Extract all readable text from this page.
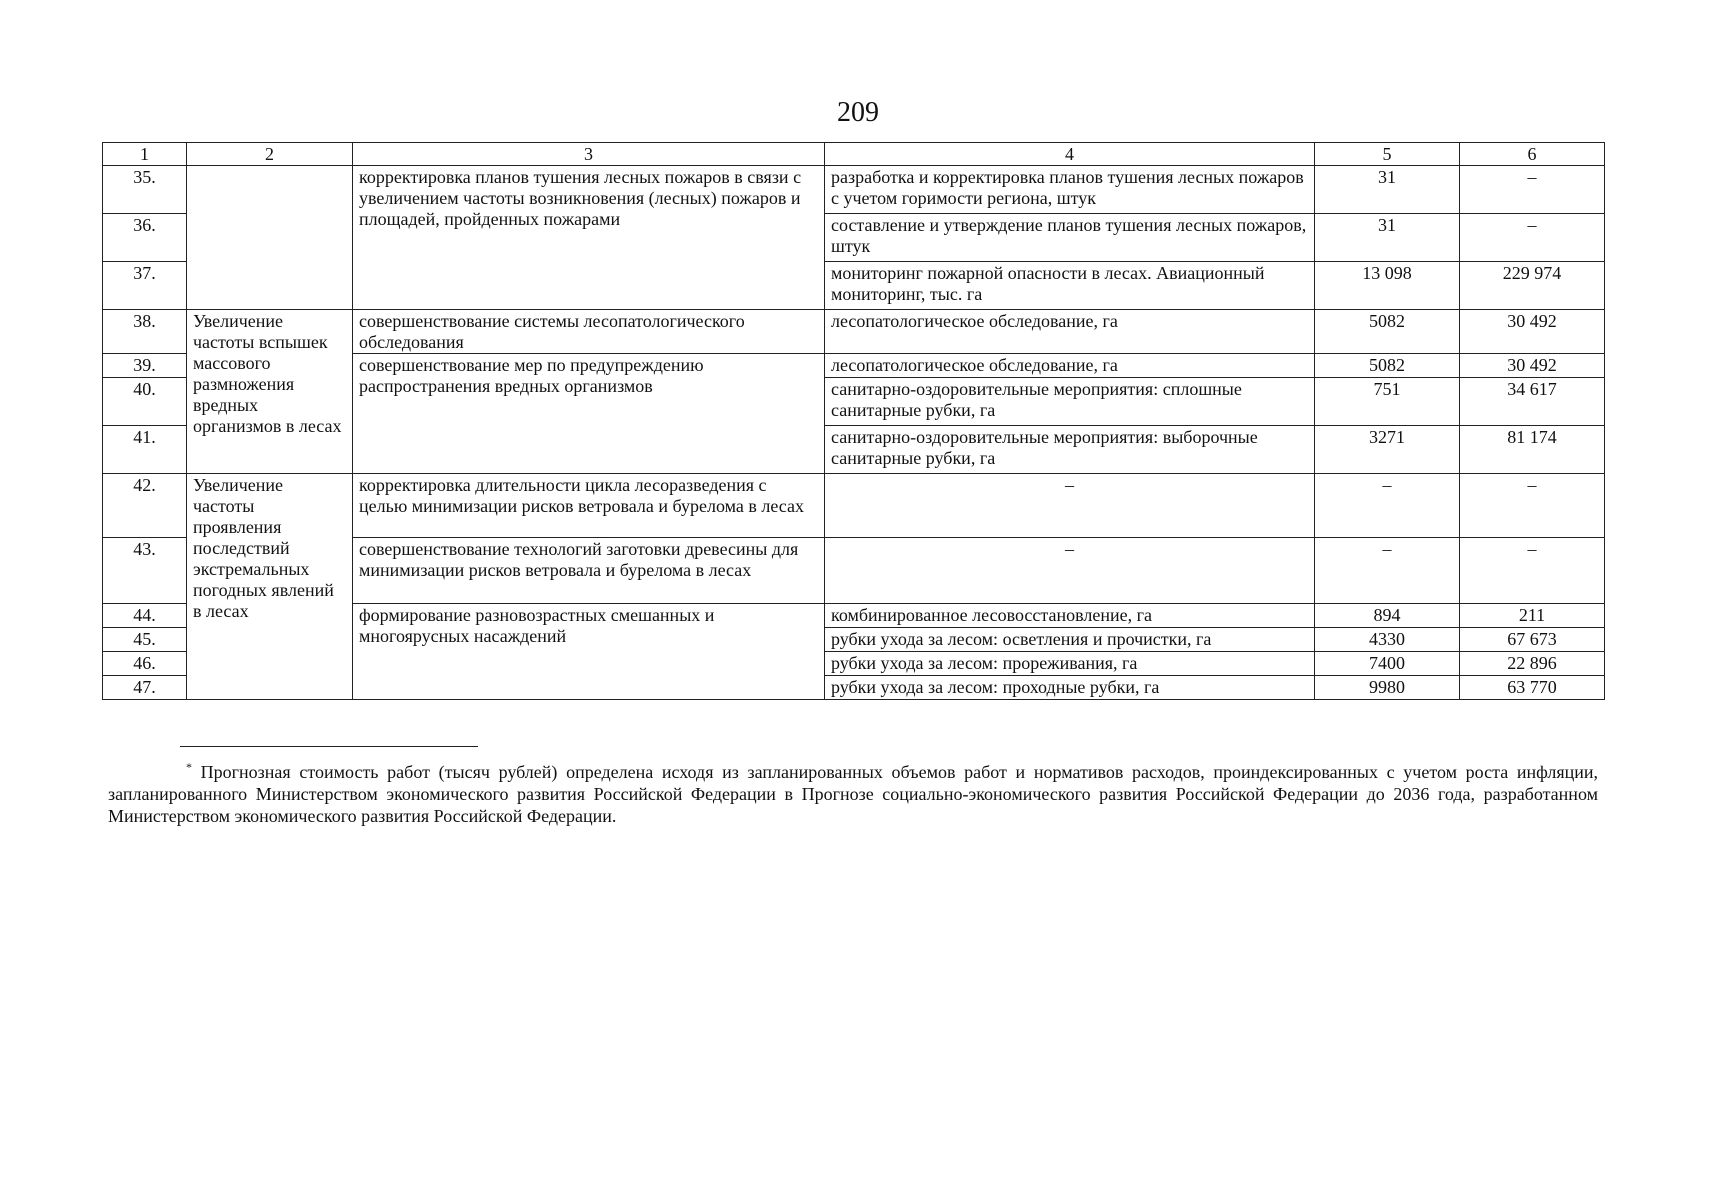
209
1	2	3	4	5	6
35.		корректировка планов тушения лесных пожаров в связи с увеличением частоты возникновения (лесных) пожаров и площадей, пройденных пожарами	разработка и корректировка планов тушения лесных пожаров с учетом горимости региона, штук	31	–
36.			составление и утверждение планов тушения лесных пожаров, штук	31	–
37.			мониторинг пожарной опасности в лесах. Авиационный мониторинг, тыс. га	13 098	229 974
38.	Увеличение частоты вспышек массового размножения вредных организмов в лесах	совершенствование системы лесопатологического обследования	лесопатологическое обследование, га	5082	30 492
39.		совершенствование мер по предупреждению распространения вредных организмов	лесопатологическое обследование, га	5082	30 492
40.			санитарно-оздоровительные мероприятия: сплошные санитарные рубки, га	751	34 617
41.			санитарно-оздоровительные мероприятия: выборочные санитарные рубки, га	3271	81 174
42.	Увеличение частоты проявления последствий экстремальных погодных явлений в лесах	корректировка длительности цикла лесоразведения с целью минимизации рисков ветровала и бурелома в лесах	–	–	–
43.		совершенствование технологий заготовки древесины для минимизации рисков ветровала и бурелома в лесах	–	–	–
44.		формирование разновозрастных смешанных и многоярусных насаждений	комбинированное лесовосстановление, га	894	211
45.			рубки ухода за лесом: осветления и прочистки, га	4330	67 673
46.			рубки ухода за лесом: прореживания, га	7400	22 896
47.			рубки ухода за лесом: проходные рубки, га	9980	63 770
* Прогнозная стоимость работ (тысяч рублей) определена исходя из запланированных объемов работ и нормативов расходов, проиндексированных с учетом роста инфляции, запланированного Министерством экономического развития Российской Федерации в Прогнозе социально-экономического развития Российской Федерации до 2036 года, разработанном Министерством экономического развития Российской Федерации.
